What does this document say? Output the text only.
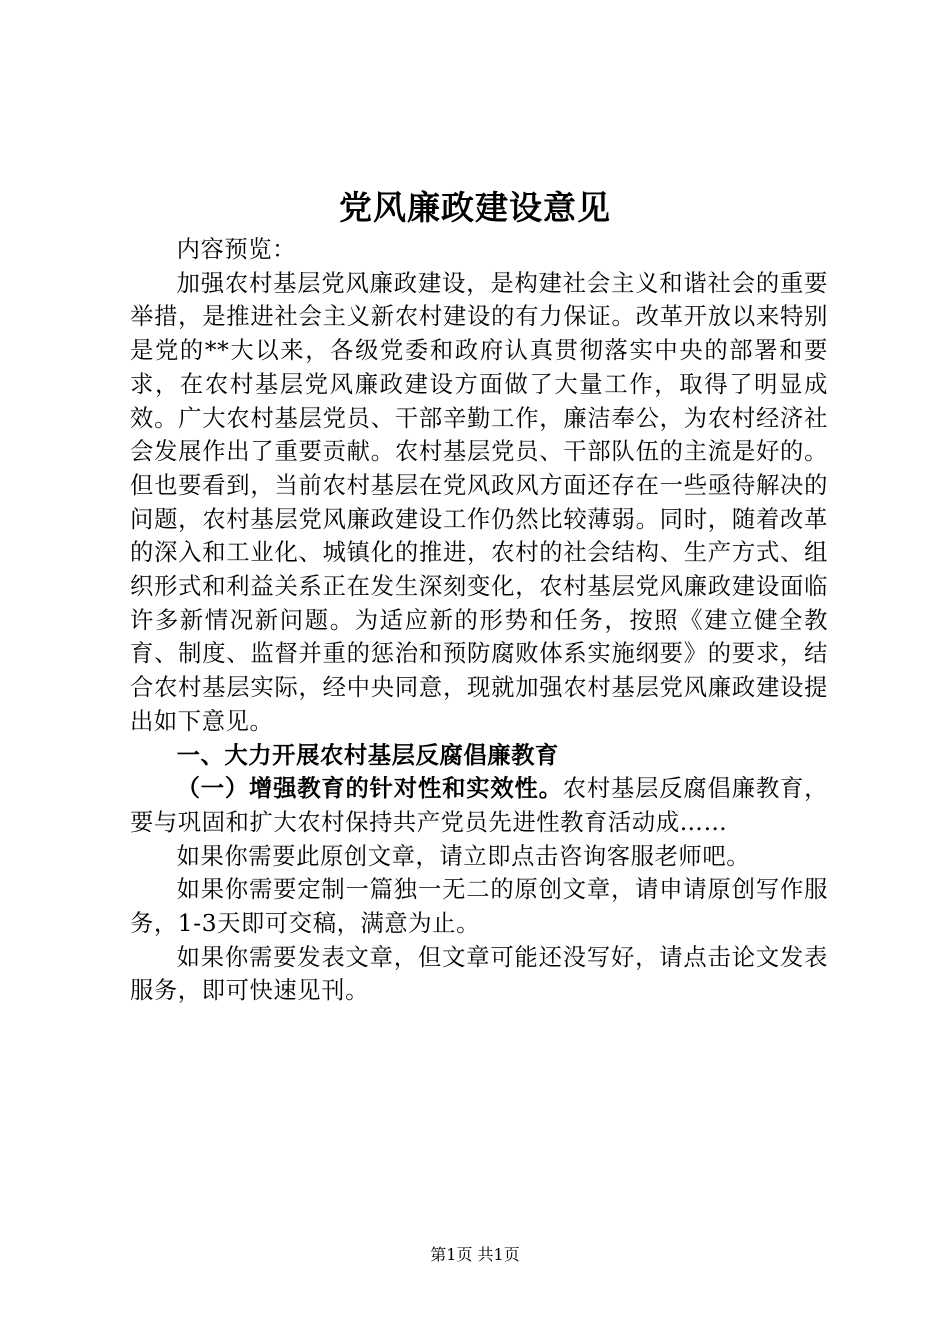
党风廉政建设意见

内容预览：

加强农村基层党风廉政建设，是构建社会主义和谐社会的重要举措，是推进社会主义新农村建设的有力保证。改革开放以来特别是党的**大以来，各级党委和政府认真贯彻落实中央的部署和要求，在农村基层党风廉政建设方面做了大量工作，取得了明显成效。广大农村基层党员、干部辛勤工作，廉洁奉公，为农村经济社会发展作出了重要贡献。农村基层党员、干部队伍的主流是好的。但也要看到，当前农村基层在党风政风方面还存在一些亟待解决的问题，农村基层党风廉政建设工作仍然比较薄弱。同时，随着改革的深入和工业化、城镇化的推进，农村的社会结构、生产方式、组织形式和利益关系正在发生深刻变化，农村基层党风廉政建设面临许多新情况新问题。为适应新的形势和任务，按照《建立健全教育、制度、监督并重的惩治和预防腐败体系实施纲要》的要求，结合农村基层实际，经中央同意，现就加强农村基层党风廉政建设提出如下意见。

一、大力开展农村基层反腐倡廉教育

（一）增强教育的针对性和实效性。农村基层反腐倡廉教育，要与巩固和扩大农村保持共产党员先进性教育活动成……

如果你需要此原创文章，请立即点击咨询客服老师吧。

如果你需要定制一篇独一无二的原创文章，请申请原创写作服务，1-3天即可交稿，满意为止。

如果你需要发表文章，但文章可能还没写好，请点击论文发表服务，即可快速见刊。

第1页 共1页
